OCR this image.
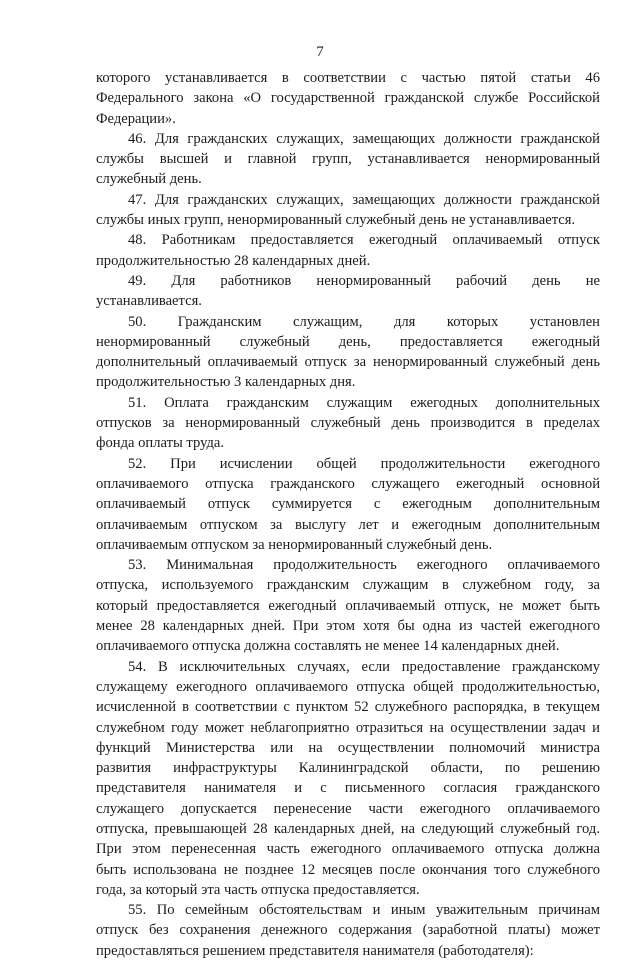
7
которого устанавливается в соответствии с частью пятой статьи 46
Федерального закона «О государственной гражданской службе Российской
Федерации».
46. Для гражданских служащих, замещающих должности гражданской
службы высшей и главной групп, устанавливается ненормированный
служебный день.
47. Для гражданских служащих, замещающих должности гражданской
службы иных групп, ненормированный служебный день не устанавливается.
48. Работникам предоставляется ежегодный оплачиваемый отпуск
продолжительностью 28 календарных дней.
49. Для работников ненормированный рабочий день не
устанавливается.
50. Гражданским служащим, для которых установлен
ненормированный служебный день, предоставляется ежегодный
дополнительный оплачиваемый отпуск за ненормированный служебный день
продолжительностью 3 календарных дня.
51. Оплата гражданским служащим ежегодных дополнительных
отпусков за ненормированный служебный день производится в пределах
фонда оплаты труда.
52. При исчислении общей продолжительности ежегодного
оплачиваемого отпуска гражданского служащего ежегодный основной
оплачиваемый отпуск суммируется с ежегодным дополнительным
оплачиваемым отпуском за выслугу лет и ежегодным дополнительным
оплачиваемым отпуском за ненормированный служебный день.
53. Минимальная продолжительность ежегодного оплачиваемого
отпуска, используемого гражданским служащим в служебном году, за
который предоставляется ежегодный оплачиваемый отпуск, не может быть
менее 28 календарных дней. При этом хотя бы одна из частей ежегодного
оплачиваемого отпуска должна составлять не менее 14 календарных дней.
54. В исключительных случаях, если предоставление гражданскому
служащему ежегодного оплачиваемого отпуска общей продолжительностью,
исчисленной в соответствии с пунктом 52 служебного распорядка, в текущем
служебном году может неблагоприятно отразиться на осуществлении задач и
функций Министерства или на осуществлении полномочий министра
развития инфраструктуры Калининградской области, по решению
представителя нанимателя и с письменного согласия гражданского
служащего допускается перенесение части ежегодного оплачиваемого
отпуска, превышающей 28 календарных дней, на следующий служебный год.
При этом перенесенная часть ежегодного оплачиваемого отпуска должна
быть использована не позднее 12 месяцев после окончания того служебного
года, за который эта часть отпуска предоставляется.
55. По семейным обстоятельствам и иным уважительным причинам
отпуск без сохранения денежного содержания (заработной платы) может
предоставляться решением представителя нанимателя (работодателя):
